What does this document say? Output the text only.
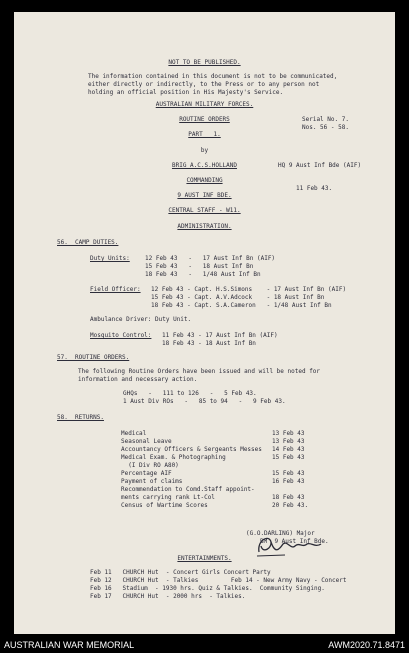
NOT TO BE PUBLISHED.
The information contained in this document is not to be communicated,
either directly or indirectly, to the Press or to any person not
holding an official position in His Majesty's Service.
AUSTRALIAN MILITARY FORCES.
ROUTINE ORDERS	Serial No. 7.
Nos. 56 - 58.
PART   1.
by
BRIG A.C.S.HOLLAND	HQ 9 Aust Inf Bde (AIF)
COMMANDING
11 Feb 43.
9 AUST INF BDE.
CENTRAL STAFF - W11.
ADMINISTRATION.
56.  CAMP DUTIES.
Duty Units:	12 Feb 43   -   17 Aust Inf Bn (AIF)
15 Feb 43   -   18 Aust Inf Bn
18 Feb 43   -   1/48 Aust Inf Bn
Field Officer: 12 Feb 43 - Capt. H.S.Simons    - 17 Aust Inf Bn (AIF)
15 Feb 43 - Capt. A.V.Adcock    - 18 Aust Inf Bn
18 Feb 43 - Capt. S.A.Cameron   - 1/48 Aust Inf Bn
Ambulance Driver: Duty Unit.
Mosquito Control: 11 Feb 43 - 17 Aust Inf Bn (AIF)
18 Feb 43 - 18 Aust Inf Bn
57.  ROUTINE ORDERS.
The following Routine Orders have been issued and will be noted for
information and necessary action.
GHQs   -   111 to 126   -   5 Feb 43.
1 Aust Div ROs   -   85 to 94   -   9 Feb 43.
58.  RETURNS.
Medical	13 Feb 43
Seasonal Leave	13 Feb 43
Accountancy Officers & Sergeants Messes 14 Feb 43
Medical Exam. & Photographing	15 Feb 43
(I Div RO A80)
Percentage AIF	15 Feb 43
Payment of claims	16 Feb 43
Recommendation to Comd.Staff appoint-
ments carrying rank Lt-Col	18 Feb 43
Census of Wartime Scores	20 Feb 43.

(G.O.DARLING) Major
BM  9 Aust Inf Bde.
ENTERTAINMENTS.
Feb 11   CHURCH Hut  - Concert Girls Concert Party
Feb 12   CHURCH Hut  - Talkies         Feb 14 - New Army Navy - Concert
Feb 16   Stadium  - 1930 hrs. Quiz & Talkies.  Community Singing.
Feb 17   CHURCH Hut  - 2000 hrs  - Talkies.
AUSTRALIAN WAR MEMORIAL	AWM2020.71.8471
